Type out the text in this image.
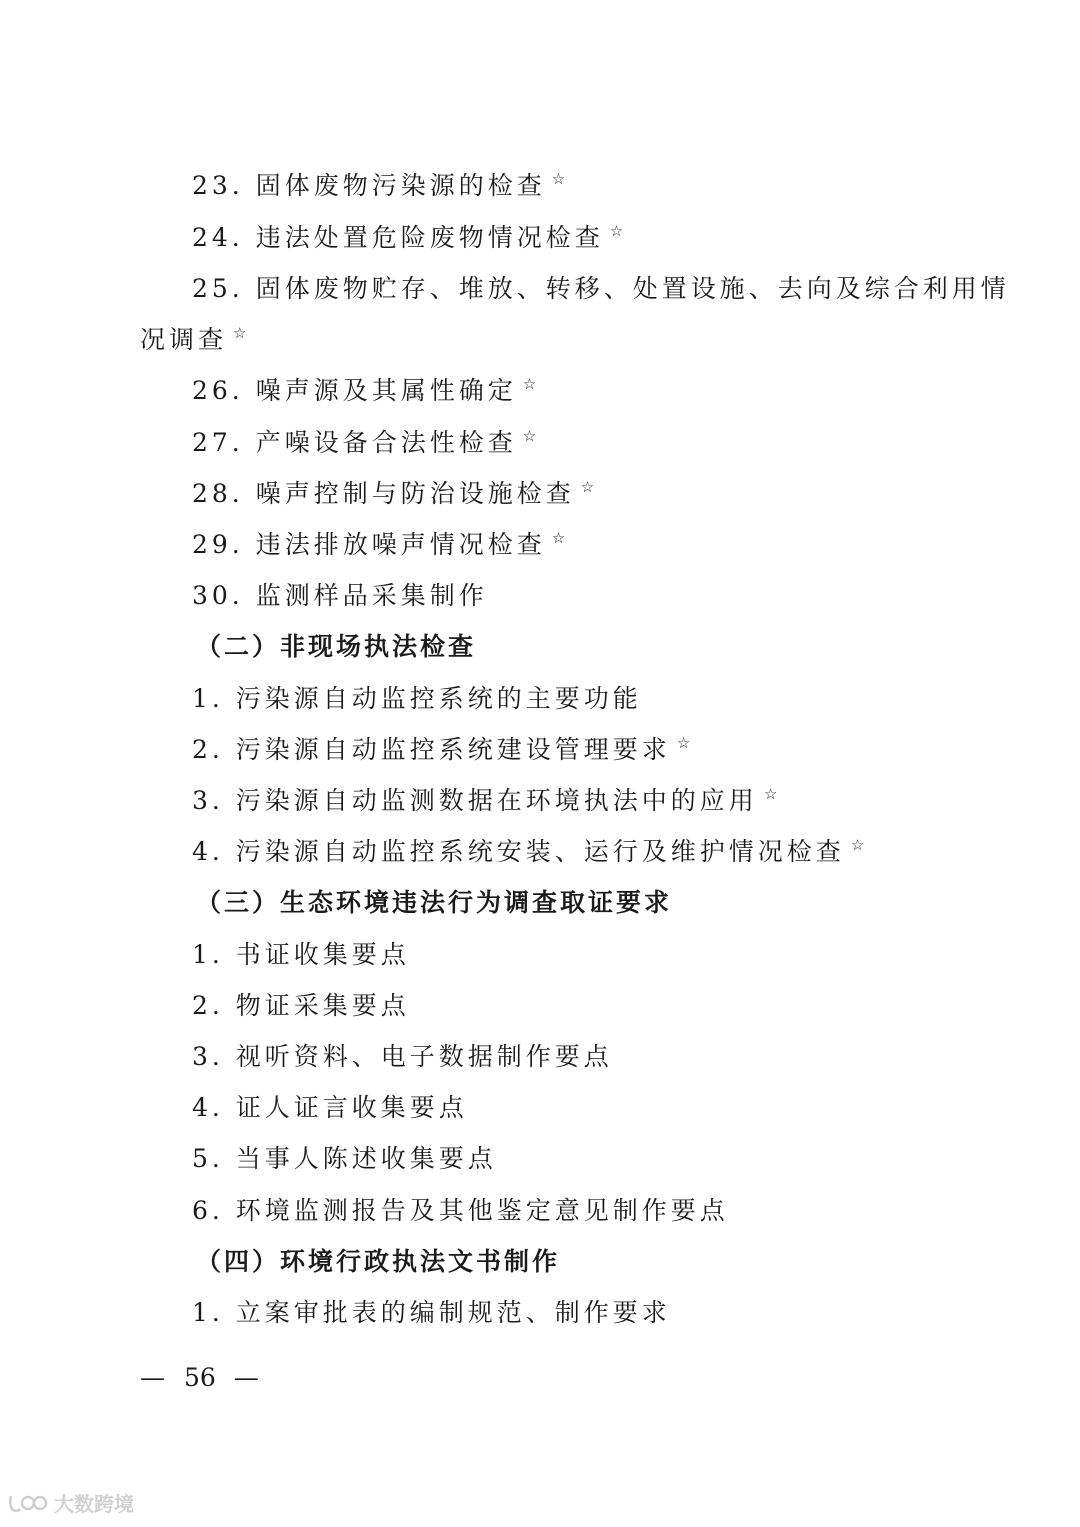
23. 固体废物污染源的检查 ☆
24. 违法处置危险废物情况检查 ☆
25. 固体废物贮存、堆放、转移、处置设施、去向及综合利用情
况调查 ☆
26. 噪声源及其属性确定 ☆
27. 产噪设备合法性检查 ☆
28. 噪声控制与防治设施检查 ☆
29. 违法排放噪声情况检查 ☆
30. 监测样品采集制作
（二）非现场执法检查
1. 污染源自动监控系统的主要功能
2. 污染源自动监控系统建设管理要求 ☆
3. 污染源自动监测数据在环境执法中的应用 ☆
4. 污染源自动监控系统安装、运行及维护情况检查 ☆
（三）生态环境违法行为调查取证要求
1. 书证收集要点
2. 物证采集要点
3. 视听资料、电子数据制作要点
4. 证人证言收集要点
5. 当事人陈述收集要点
6. 环境监测报告及其他鉴定意见制作要点
（四）环境行政执法文书制作
1. 立案审批表的编制规范、制作要求
— 56 —
大数跨境
